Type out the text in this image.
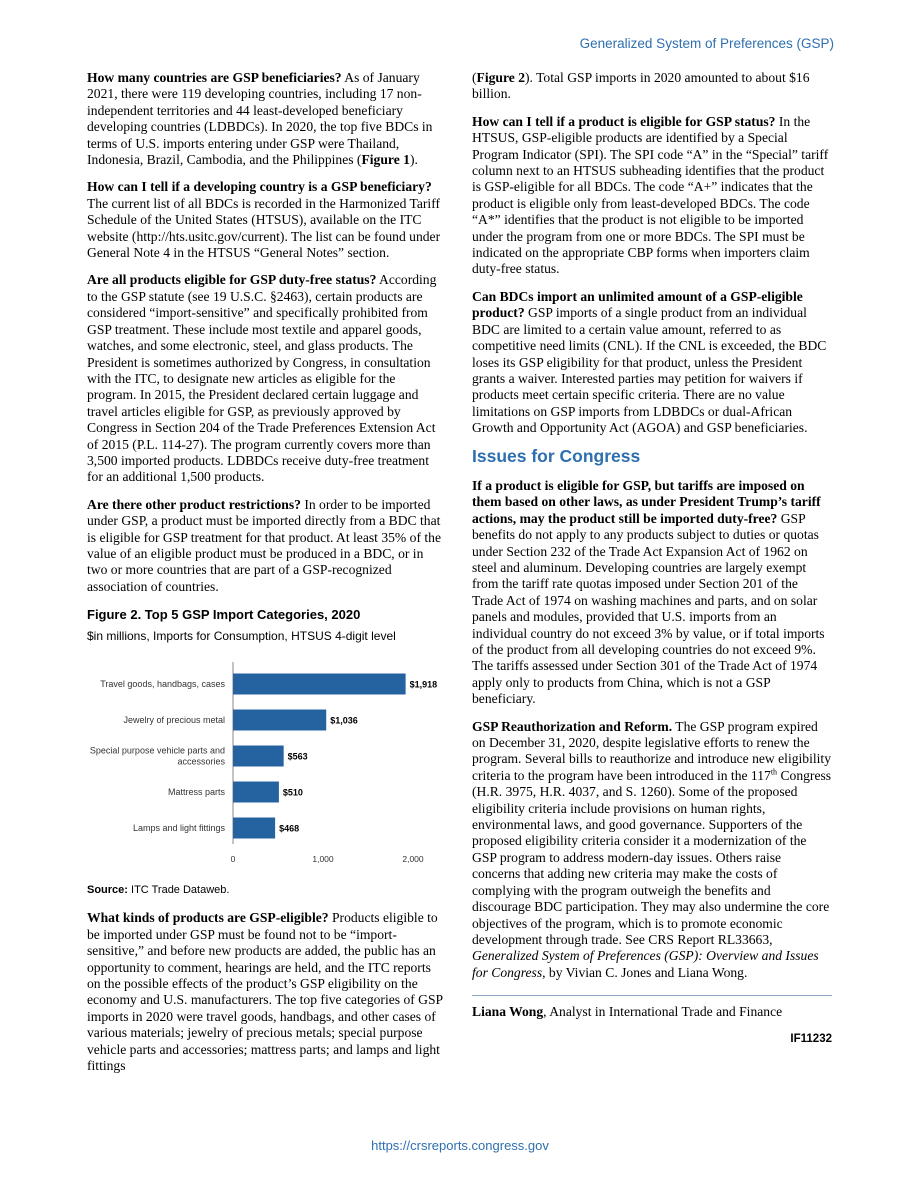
Generalized System of Preferences (GSP)

How many countries are GSP beneficiaries? As of January 2021, there were 119 developing countries, including 17 non-independent territories and 44 least-developed beneficiary developing countries (LDBDCs). In 2020, the top five BDCs in terms of U.S. imports entering under GSP were Thailand, Indonesia, Brazil, Cambodia, and the Philippines (Figure 1).

How can I tell if a developing country is a GSP beneficiary? The current list of all BDCs is recorded in the Harmonized Tariff Schedule of the United States (HTSUS), available on the ITC website (http://hts.usitc.gov/current). The list can be found under General Note 4 in the HTSUS “General Notes” section.

Are all products eligible for GSP duty-free status? According to the GSP statute (see 19 U.S.C. §2463), certain products are considered “import-sensitive” and specifically prohibited from GSP treatment. These include most textile and apparel goods, watches, and some electronic, steel, and glass products. The President is sometimes authorized by Congress, in consultation with the ITC, to designate new articles as eligible for the program. In 2015, the President declared certain luggage and travel articles eligible for GSP, as previously approved by Congress in Section 204 of the Trade Preferences Extension Act of 2015 (P.L. 114-27). The program currently covers more than 3,500 imported products. LDBDCs receive duty-free treatment for an additional 1,500 products.

Are there other product restrictions? In order to be imported under GSP, a product must be imported directly from a BDC that is eligible for GSP treatment for that product. At least 35% of the value of an eligible product must be produced in a BDC, or in two or more countries that are part of a GSP-recognized association of countries.

Figure 2. Top 5 GSP Import Categories, 2020
$in millions, Imports for Consumption, HTSUS 4-digit level
$1,918
Travel goods, handbags, cases
$1,036
Jewelry of precious metal
$563
Special purpose vehicle parts and
accessories
$510
Mattress parts
$468
Lamps and light fittings
0	1,000	2,000
Source: ITC Trade Dataweb.

What kinds of products are GSP-eligible? Products eligible to be imported under GSP must be found not to be “import-sensitive,” and before new products are added, the public has an opportunity to comment, hearings are held, and the ITC reports on the possible effects of the product’s GSP eligibility on the economy and U.S. manufacturers. The top five categories of GSP imports in 2020 were travel goods, handbags, and other cases of various materials; jewelry of precious metals; special purpose vehicle parts and accessories; mattress parts; and lamps and light fittings

(Figure 2). Total GSP imports in 2020 amounted to about $16 billion.

How can I tell if a product is eligible for GSP status? In the HTSUS, GSP-eligible products are identified by a Special Program Indicator (SPI). The SPI code “A” in the “Special” tariff column next to an HTSUS subheading identifies that the product is GSP-eligible for all BDCs. The code “A+” indicates that the product is eligible only from least-developed BDCs. The code “A*” identifies that the product is not eligible to be imported under the program from one or more BDCs. The SPI must be indicated on the appropriate CBP forms when importers claim duty-free status.

Can BDCs import an unlimited amount of a GSP-eligible product? GSP imports of a single product from an individual BDC are limited to a certain value amount, referred to as competitive need limits (CNL). If the CNL is exceeded, the BDC loses its GSP eligibility for that product, unless the President grants a waiver. Interested parties may petition for waivers if products meet certain specific criteria. There are no value limitations on GSP imports from LDBDCs or dual-African Growth and Opportunity Act (AGOA) and GSP beneficiaries.

Issues for Congress

If a product is eligible for GSP, but tariffs are imposed on them based on other laws, as under President Trump’s tariff actions, may the product still be imported duty-free? GSP benefits do not apply to any products subject to duties or quotas under Section 232 of the Trade Act Expansion Act of 1962 on steel and aluminum. Developing countries are largely exempt from the tariff rate quotas imposed under Section 201 of the Trade Act of 1974 on washing machines and parts, and on solar panels and modules, provided that U.S. imports from an individual country do not exceed 3% by value, or if total imports of the product from all developing countries do not exceed 9%. The tariffs assessed under Section 301 of the Trade Act of 1974 apply only to products from China, which is not a GSP beneficiary.

GSP Reauthorization and Reform. The GSP program expired on December 31, 2020, despite legislative efforts to renew the program. Several bills to reauthorize and introduce new eligibility criteria to the program have been introduced in the 117th Congress (H.R. 3975, H.R. 4037, and S. 1260). Some of the proposed eligibility criteria include provisions on human rights, environmental laws, and good governance. Supporters of the proposed eligibility criteria consider it a modernization of the GSP program to address modern-day issues. Others raise concerns that adding new criteria may make the costs of complying with the program outweigh the benefits and discourage BDC participation. They may also undermine the core objectives of the program, which is to promote economic development through trade. See CRS Report RL33663, Generalized System of Preferences (GSP): Overview and Issues for Congress, by Vivian C. Jones and Liana Wong.

Liana Wong, Analyst in International Trade and Finance
IF11232
https://crsreports.congress.gov
